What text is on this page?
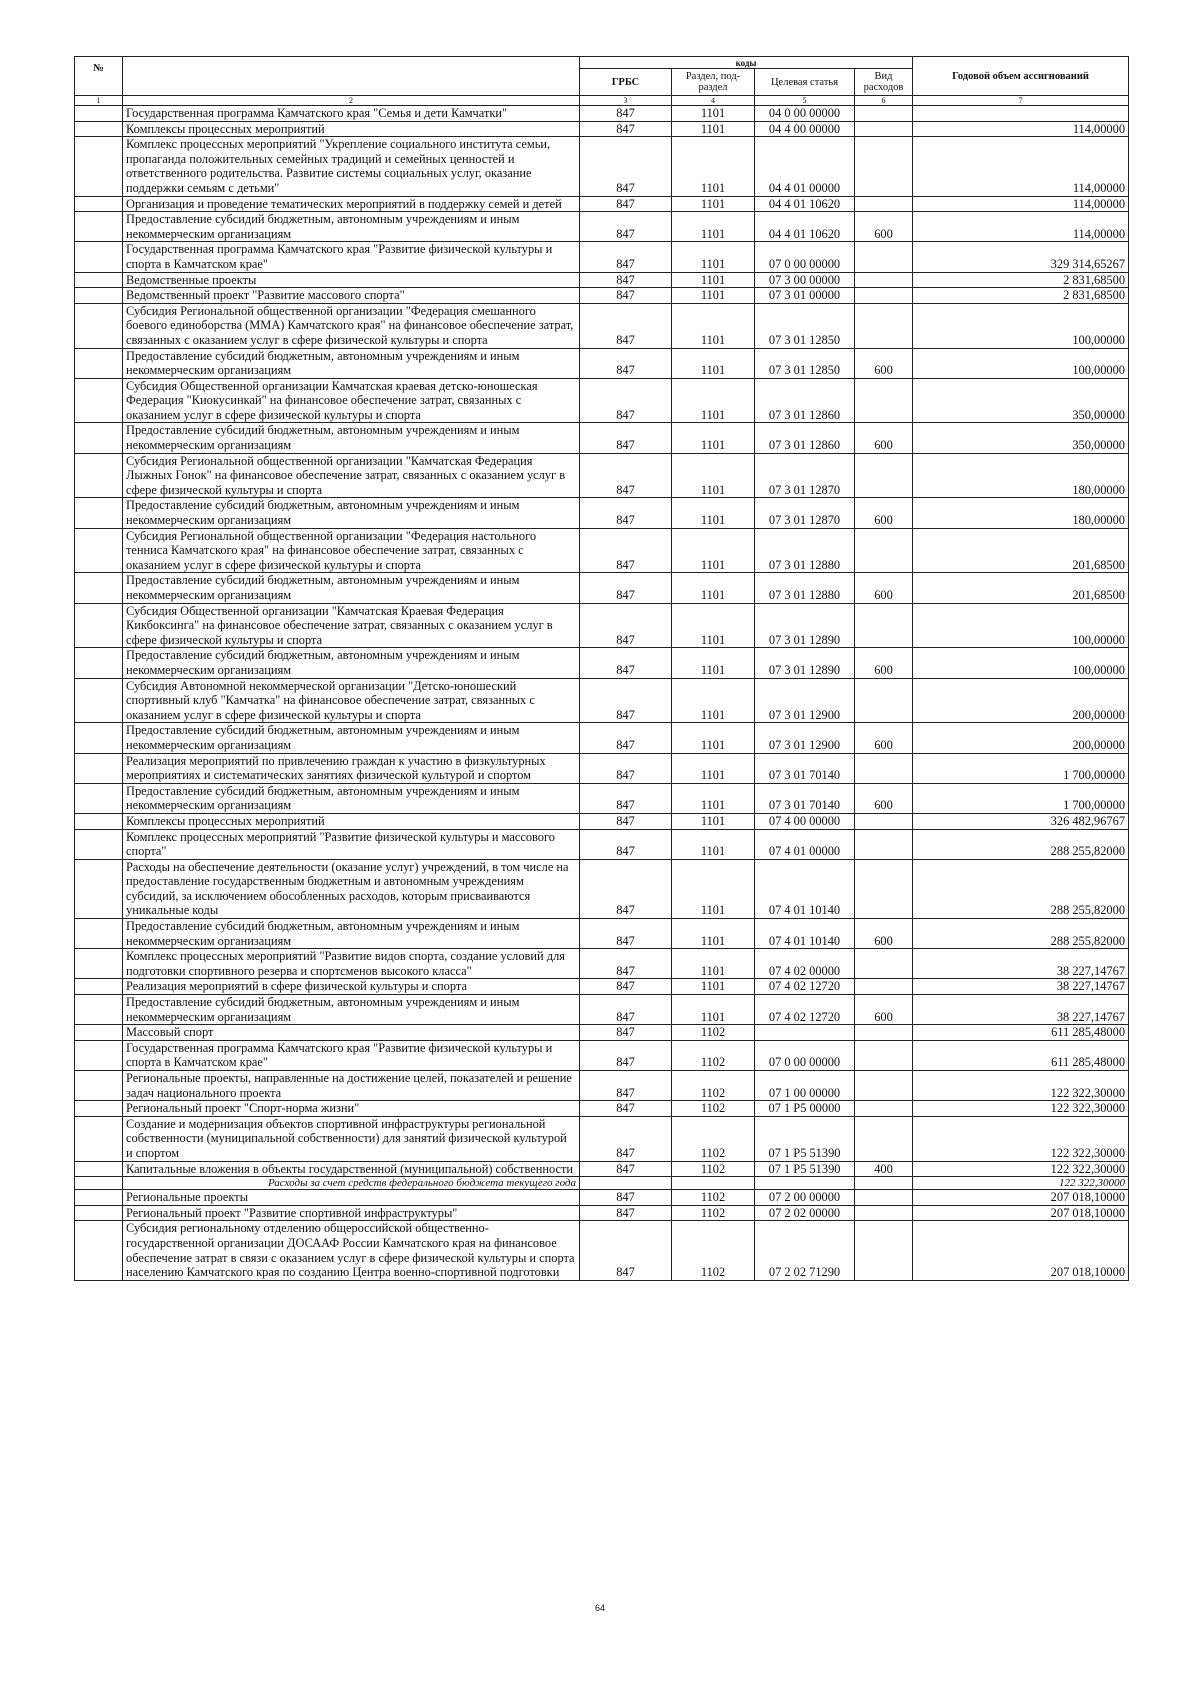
№		коды				Годовой объем ассигнований
		ГРБС	Раздел, под-раздел	Целевая статья	Вид расходов	
1	2	3	4	5	6	7
	Государственная программа Камчатского края "Семья и дети Камчатки"	847	1101	04 0 00 00000		
	Комплексы процессных мероприятий	847	1101	04 4 00 00000		114,00000
	Комплекс процессных мероприятий "Укрепление социального института семьи, пропаганда положительных семейных традиций и семейных ценностей и ответственного родительства. Развитие системы социальных услуг, оказание поддержки семьям с детьми"	847	1101	04 4 01 00000		114,00000
	Организация и проведение тематических мероприятий в поддержку семей и детей	847	1101	04 4 01 10620		114,00000
	Предоставление субсидий бюджетным, автономным учреждениям и иным некоммерческим организациям	847	1101	04 4 01 10620	600	114,00000
	Государственная программа Камчатского края "Развитие физической культуры и спорта в Камчатском крае"	847	1101	07 0 00 00000		329 314,65267
	Ведомственные проекты	847	1101	07 3 00 00000		2 831,68500
	Ведомственный проект "Развитие массового спорта"	847	1101	07 3 01 00000		2 831,68500
	Субсидия Региональной общественной организации "Федерация смешанного боевого единоборства (ММА) Камчатского края" на финансовое обеспечение затрат, связанных с оказанием услуг в сфере физической культуры и спорта	847	1101	07 3 01 12850		100,00000
	Предоставление субсидий бюджетным, автономным учреждениям и иным некоммерческим организациям	847	1101	07 3 01 12850	600	100,00000
	Субсидия Общественной организации Камчатская краевая детско-юношеская Федерация "Киокусинкай" на финансовое обеспечение затрат, связанных с оказанием услуг в сфере физической культуры и спорта	847	1101	07 3 01 12860		350,00000
	Предоставление субсидий бюджетным, автономным учреждениям и иным некоммерческим организациям	847	1101	07 3 01 12860	600	350,00000
	Субсидия Региональной общественной организации "Камчатская Федерация Лыжных Гонок" на финансовое обеспечение затрат, связанных с оказанием услуг в сфере физической культуры и спорта	847	1101	07 3 01 12870		180,00000
	Предоставление субсидий бюджетным, автономным учреждениям и иным некоммерческим организациям	847	1101	07 3 01 12870	600	180,00000
	Субсидия Региональной общественной организации "Федерация настольного тенниса Камчатского края" на финансовое обеспечение затрат, связанных с оказанием услуг в сфере физической культуры и спорта	847	1101	07 3 01 12880		201,68500
	Предоставление субсидий бюджетным, автономным учреждениям и иным некоммерческим организациям	847	1101	07 3 01 12880	600	201,68500
	Субсидия Общественной организации "Камчатская Краевая Федерация Кикбоксинга" на финансовое обеспечение затрат, связанных с оказанием услуг в сфере физической культуры и спорта	847	1101	07 3 01 12890		100,00000
	Предоставление субсидий бюджетным, автономным учреждениям и иным некоммерческим организациям	847	1101	07 3 01 12890	600	100,00000
	Субсидия Автономной некоммерческой организации "Детско-юношеский спортивный клуб "Камчатка" на финансовое обеспечение затрат, связанных с оказанием услуг в сфере физической культуры и спорта	847	1101	07 3 01 12900		200,00000
	Предоставление субсидий бюджетным, автономным учреждениям и иным некоммерческим организациям	847	1101	07 3 01 12900	600	200,00000
	Реализация мероприятий по привлечению граждан к участию в физкультурных мероприятиях и систематических занятиях физической культурой и спортом	847	1101	07 3 01 70140		1 700,00000
	Предоставление субсидий бюджетным, автономным учреждениям и иным некоммерческим организациям	847	1101	07 3 01 70140	600	1 700,00000
	Комплексы процессных мероприятий	847	1101	07 4 00 00000		326 482,96767
	Комплекс процессных мероприятий "Развитие физической культуры и массового спорта"	847	1101	07 4 01 00000		288 255,82000
	Расходы на обеспечение деятельности (оказание услуг) учреждений, в том числе на предоставление государственным бюджетным и автономным учреждениям субсидий, за исключением обособленных расходов, которым присваиваются уникальные коды	847	1101	07 4 01 10140		288 255,82000
	Предоставление субсидий бюджетным, автономным учреждениям и иным некоммерческим организациям	847	1101	07 4 01 10140	600	288 255,82000
	Комплекс процессных мероприятий "Развитие видов спорта, создание условий для подготовки спортивного резерва и спортсменов высокого класса"	847	1101	07 4 02 00000		38 227,14767
	Реализация мероприятий в сфере физической культуры и спорта	847	1101	07 4 02 12720		38 227,14767
	Предоставление субсидий бюджетным, автономным учреждениям и иным некоммерческим организациям	847	1101	07 4 02 12720	600	38 227,14767
	Массовый спорт	847	1102			611 285,48000
	Государственная программа Камчатского края "Развитие физической культуры и спорта в Камчатском крае"	847	1102	07 0 00 00000		611 285,48000
	Региональные проекты, направленные на достижение целей, показателей и решение задач национального проекта	847	1102	07 1 00 00000		122 322,30000
	Региональный проект "Спорт-норма жизни"	847	1102	07 1 P5 00000		122 322,30000
	Создание и модернизация объектов спортивной инфраструктуры региональной собственности (муниципальной собственности) для занятий физической культурой и спортом	847	1102	07 1 P5 51390		122 322,30000
	Капитальные вложения в объекты государственной (муниципальной) собственности	847	1102	07 1 P5 51390	400	122 322,30000
	Расходы за счет средств федерального бюджета текущего года					122 322,30000
	Региональные проекты	847	1102	07 2 00 00000		207 018,10000
	Региональный проект "Развитие спортивной инфраструктуры"	847	1102	07 2 02 00000		207 018,10000
	Субсидия региональному отделению общероссийской общественно-государственной организации ДОСААФ России Камчатского края на финансовое обеспечение затрат в связи с оказанием услуг в сфере физической культуры и спорта населению Камчатского края по созданию Центра военно-спортивной подготовки	847	1102	07 2 02 71290		207 018,10000
64
